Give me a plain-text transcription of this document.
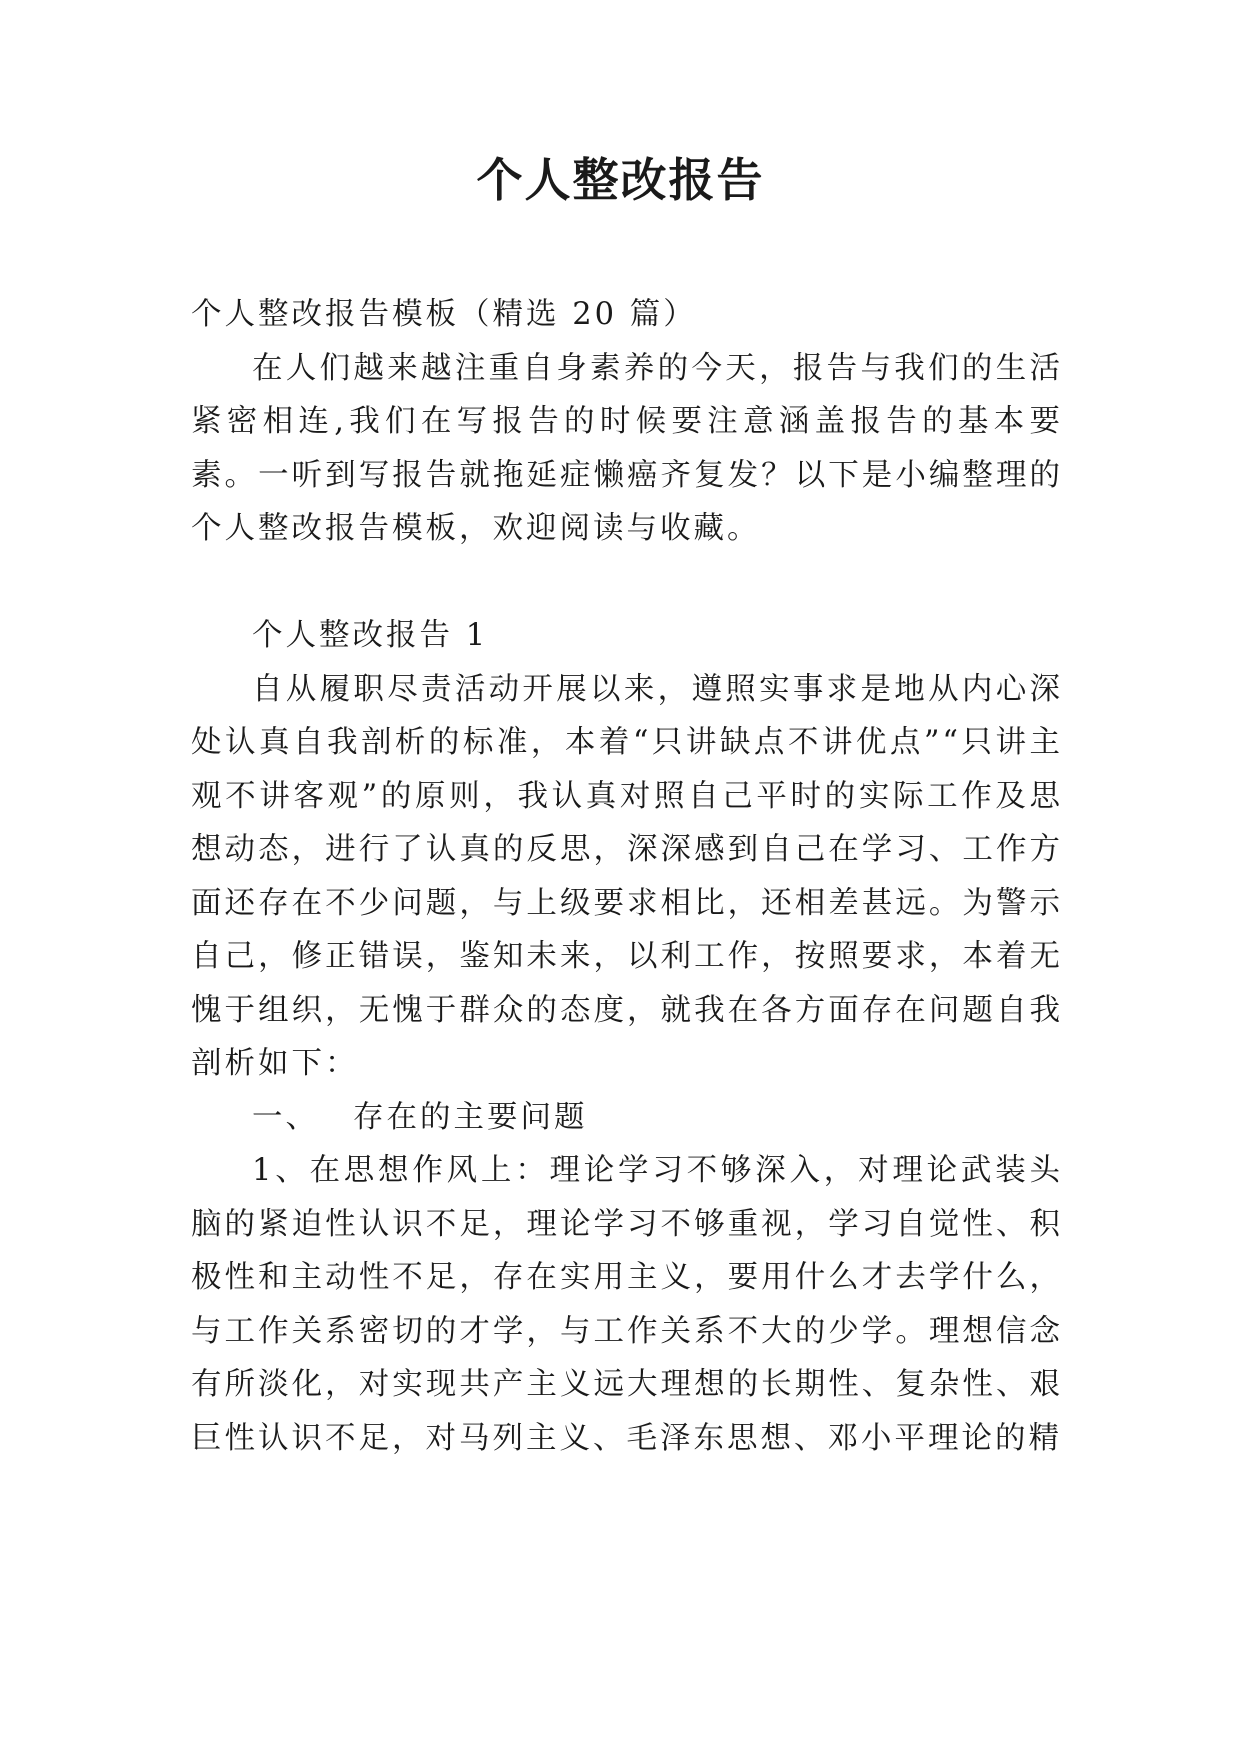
个人整改报告

个人整改报告模板（精选 20 篇）

在人们越来越注重自身素养的今天，报告与我们的生活紧密相连,我们在写报告的时候要注意涵盖报告的基本要素。一听到写报告就拖延症懒癌齐复发？以下是小编整理的个人整改报告模板，欢迎阅读与收藏。

个人整改报告 1

自从履职尽责活动开展以来，遵照实事求是地从内心深处认真自我剖析的标准，本着“只讲缺点不讲优点”“只讲主观不讲客观”的原则，我认真对照自己平时的实际工作及思想动态，进行了认真的反思，深深感到自己在学习、工作方面还存在不少问题，与上级要求相比，还相差甚远。为警示自己，修正错误，鉴知未来，以利工作，按照要求，本着无愧于组织，无愧于群众的态度，就我在各方面存在问题自我剖析如下：

一、 存在的主要问题

1、在思想作风上：理论学习不够深入，对理论武装头脑的紧迫性认识不足，理论学习不够重视，学习自觉性、积极性和主动性不足，存在实用主义，要用什么才去学什么，与工作关系密切的才学，与工作关系不大的少学。理想信念有所淡化，对实现共产主义远大理想的长期性、复杂性、艰巨性认识不足，对马列主义、毛泽东思想、邓小平理论的精
